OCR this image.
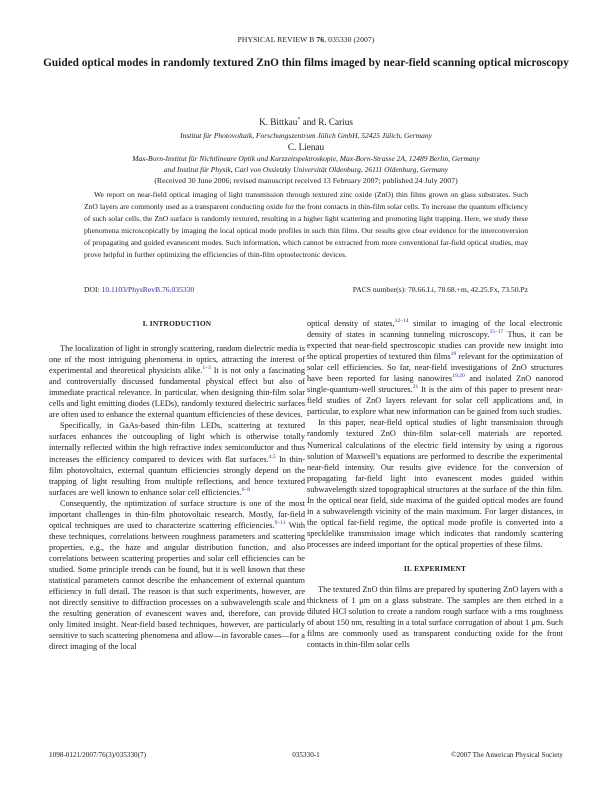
PHYSICAL REVIEW B 76, 035330 (2007)
Guided optical modes in randomly textured ZnO thin films imaged by near-field scanning optical microscopy
K. Bittkau* and R. Carius
Institut für Photovoltaik, Forschungszentrum Jülich GmbH, 52425 Jülich, Germany
C. Lienau
Max-Born-Institut für Nichtlineare Optik und Kurzzeitspektroskopie, Max-Born-Strasse 2A, 12489 Berlin, Germany
and Institut für Physik, Carl von Ossietzky Universität Oldenburg, 26111 Oldenburg, Germany
(Received 30 June 2006; revised manuscript received 13 February 2007; published 24 July 2007)
We report on near-field optical imaging of light transmission through textured zinc oxide (ZnO) thin films grown on glass substrates. Such ZnO layers are commonly used as a transparent conducting oxide for the front contacts in thin-film solar cells. To increase the quantum efficiency of such solar cells, the ZnO surface is randomly textured, resulting in a higher light scattering and promoting light trapping. Here, we study these phenomena microscopically by imaging the local optical mode profiles in such thin films. Our results give clear evidence for the interconversion of propagating and guided evanescent modes. Such information, which cannot be extracted from more conventional far-field optical studies, may prove helpful in further optimizing the efficiencies of thin-film optoelectronic devices.
DOI: 10.1103/PhysRevB.76.035330	PACS number(s): 78.66.Li, 78.68.+m, 42.25.Fx, 73.50.Pz

I. INTRODUCTION

The localization of light in strongly scattering, random dielectric media is one of the most intriguing phenomena in optics, attracting the interest of experimental and theoretical physicists alike.$^{1-3}$ It is not only a fascinating and controversially discussed fundamental physical effect but also of immediate practical relevance. In particular, when designing thin-film solar cells and light emitting diodes (LEDs), randomly textured dielectric surfaces are often used to enhance the external quantum efficiencies of these devices.

Specifically, in GaAs-based thin-film LEDs, scattering at textured surfaces enhances the outcoupling of light which is otherwise totally internally reflected within the high refractive index semiconductor and thus increases the efficiency compared to devices with flat surfaces.$^{4,5}$ In thin-film photovoltaics, external quantum efficiencies strongly depend on the trapping of light resulting from multiple reflections, and hence textured surfaces are well known to enhance solar cell efficiencies.$^{6-8}$

Consequently, the optimization of surface structure is one of the most important challenges in thin-film photovoltaic research. Mostly, far-field optical techniques are used to characterize scattering efficiencies.$^{9-11}$ With these techniques, correlations between roughness parameters and scattering properties, e.g., the haze and angular distribution function, and also correlations between scattering properties and solar cell efficiencies can be studied. Some principle trends can be found, but it is well known that these statistical parameters cannot describe the enhancement of external quantum efficiency in full detail. The reason is that such experiments, however, are not directly sensitive to diffraction processes on a subwavelength scale and the resulting generation of evanescent waves and, therefore, can provide only limited insight. Near-field based techniques, however, are particularly sensitive to such scattering phenomena and allow—in favorable cases—for a direct imaging of the local

optical density of states,$^{12-14}$ similar to imaging of the local electronic density of states in scanning tunneling microscopy.$^{15-17}$ Thus, it can be expected that near-field spectroscopic studies can provide new insight into the optical properties of textured thin films$^{18}$ relevant for the optimization of solar cell efficiencies. So far, near-field investigations of ZnO structures have been reported for lasing nanowires$^{19,20}$ and isolated ZnO nanorod single-quantum-well structures.$^{21}$ It is the aim of this paper to present near-field studies of ZnO layers relevant for solar cell applications and, in particular, to explore what new information can be gained from such studies.

In this paper, near-field optical studies of light transmission through randomly textured ZnO thin-film solar-cell materials are reported. Numerical calculations of the electric field intensity by using a rigorous solution of Maxwell’s equations are performed to describe the experimental near-field intensity. Our results give evidence for the conversion of propagating far-field light into evanescent modes guided within subwavelength sized topographical structures at the surface of the thin film. In the optical near field, side maxima of the guided optical modes are found in a subwavelength vicinity of the main maximum. For larger distances, in the optical far-field regime, the optical mode profile is converted into a specklelike transmission image which indicates that randomly scattering processes are indeed important for the optical properties of these films.

II. EXPERIMENT

The textured ZnO thin films are prepared by sputtering ZnO layers with a thickness of 1 μm on a glass substrate. The samples are then etched in a diluted HCl solution to create a random rough surface with a rms roughness of about 150 nm, resulting in a total surface corrugation of about 1 μm. Such films are commonly used as transparent conducting oxide for the front contacts in thin-film solar cells

1098-0121/2007/76(3)/035330(7)	035330-1	©2007 The American Physical Society
